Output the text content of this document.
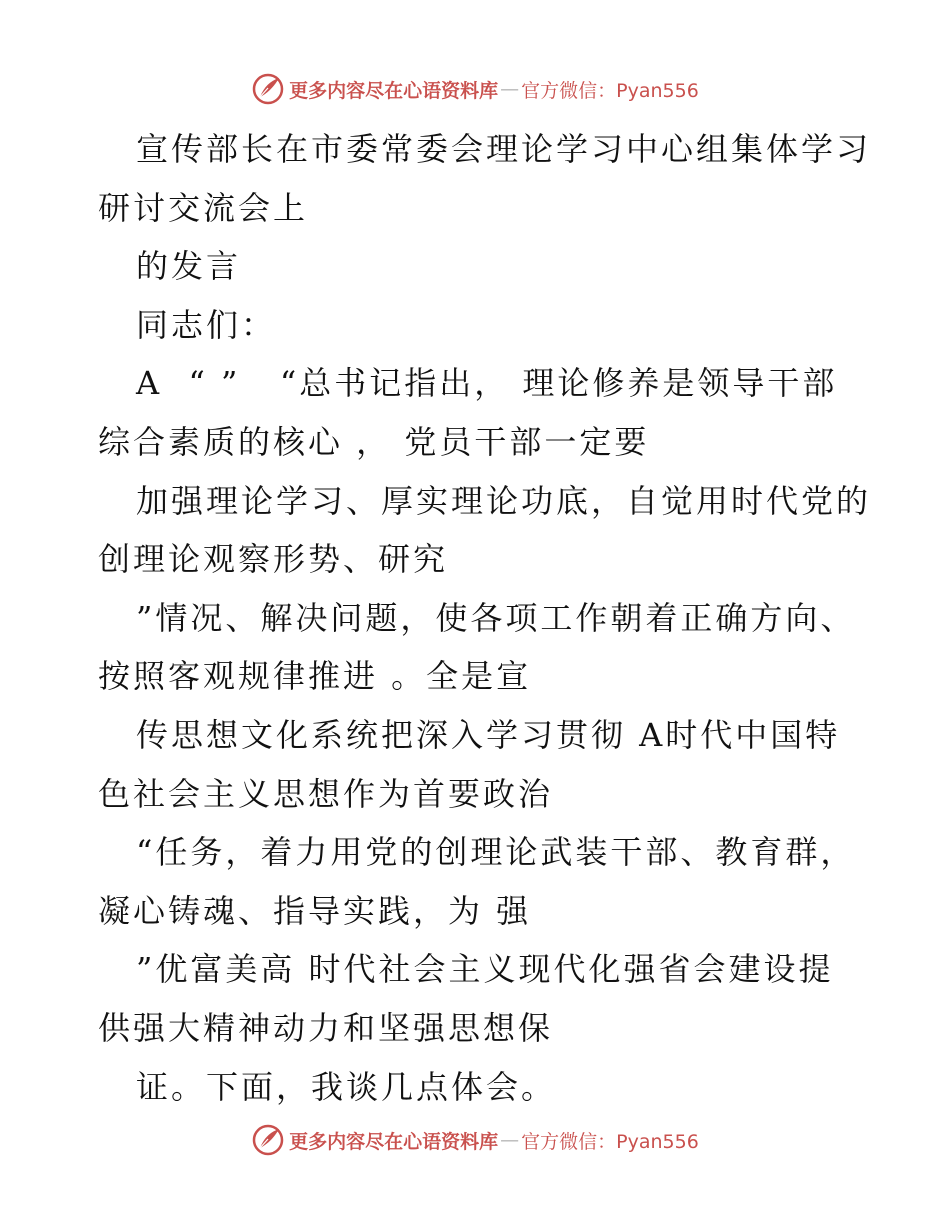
更多内容尽在心语资料库 — 官方微信：Pyan556
宣传部长在市委常委会理论学习中心组集体学习
研讨交流会上
的发言
同志们：
A  “ ”   “总书记指出， 理论修养是领导干部
综合素质的核心 ， 党员干部一定要
加强理论学习、厚实理论功底，自觉用时代党的
创理论观察形势、研究
”情况、解决问题，使各项工作朝着正确方向、
按照客观规律推进 。全是宣
传思想文化系统把深入学习贯彻 A时代中国特
色社会主义思想作为首要政治
“任务，着力用党的创理论武装干部、教育群，
凝心铸魂、指导实践，为 强
”优富美高 时代社会主义现代化强省会建设提
供强大精神动力和坚强思想保
证。下面，我谈几点体会。
更多内容尽在心语资料库 — 官方微信：Pyan556
